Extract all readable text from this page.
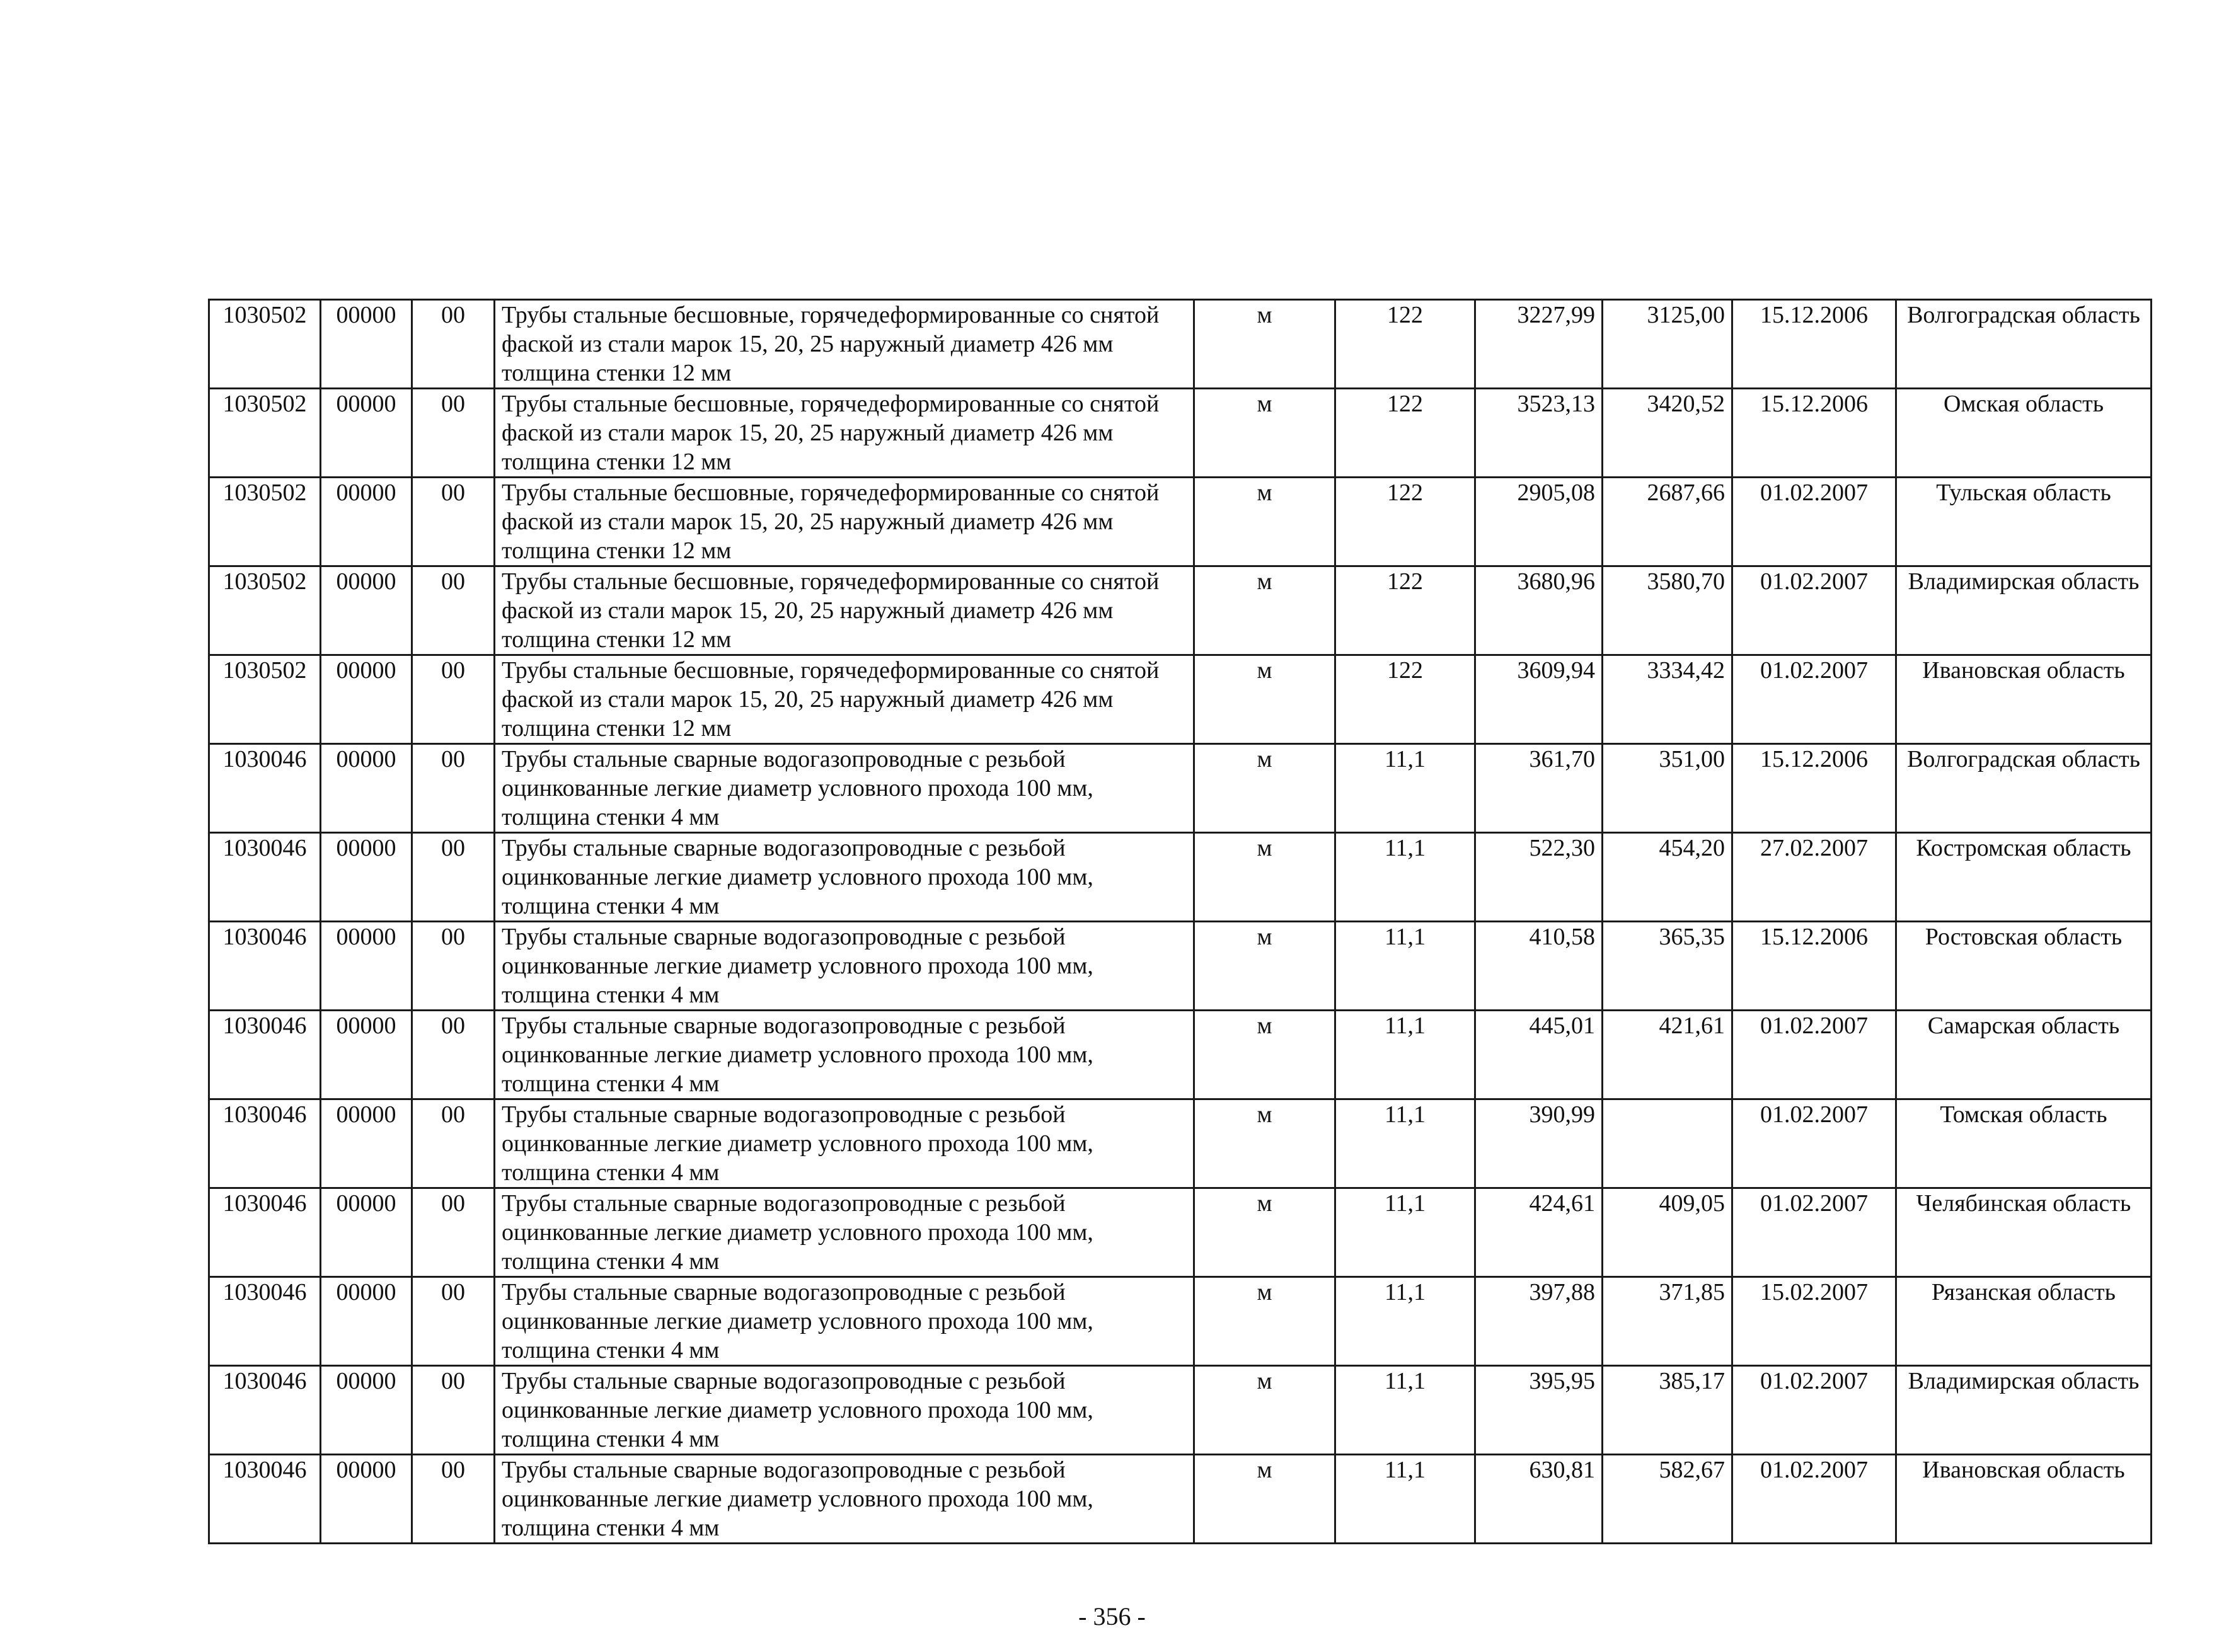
1030502	00000	00	Трубы стальные бесшовные, горячедеформированные со снятой фаской из стали марок 15, 20, 25 наружный диаметр 426 мм толщина стенки 12 мм	м	122	3227,99	3125,00	15.12.2006	Волгоградская область
1030502	00000	00	Трубы стальные бесшовные, горячедеформированные со снятой фаской из стали марок 15, 20, 25 наружный диаметр 426 мм толщина стенки 12 мм	м	122	3523,13	3420,52	15.12.2006	Омская область
1030502	00000	00	Трубы стальные бесшовные, горячедеформированные со снятой фаской из стали марок 15, 20, 25 наружный диаметр 426 мм толщина стенки 12 мм	м	122	2905,08	2687,66	01.02.2007	Тульская область
1030502	00000	00	Трубы стальные бесшовные, горячедеформированные со снятой фаской из стали марок 15, 20, 25 наружный диаметр 426 мм толщина стенки 12 мм	м	122	3680,96	3580,70	01.02.2007	Владимирская область
1030502	00000	00	Трубы стальные бесшовные, горячедеформированные со снятой фаской из стали марок 15, 20, 25 наружный диаметр 426 мм толщина стенки 12 мм	м	122	3609,94	3334,42	01.02.2007	Ивановская область
1030046	00000	00	Трубы стальные сварные водогазопроводные с резьбой оцинкованные легкие диаметр условного прохода 100 мм, толщина стенки 4 мм	м	11,1	361,70	351,00	15.12.2006	Волгоградская область
1030046	00000	00	Трубы стальные сварные водогазопроводные с резьбой оцинкованные легкие диаметр условного прохода 100 мм, толщина стенки 4 мм	м	11,1	522,30	454,20	27.02.2007	Костромская область
1030046	00000	00	Трубы стальные сварные водогазопроводные с резьбой оцинкованные легкие диаметр условного прохода 100 мм, толщина стенки 4 мм	м	11,1	410,58	365,35	15.12.2006	Ростовская область
1030046	00000	00	Трубы стальные сварные водогазопроводные с резьбой оцинкованные легкие диаметр условного прохода 100 мм, толщина стенки 4 мм	м	11,1	445,01	421,61	01.02.2007	Самарская область
1030046	00000	00	Трубы стальные сварные водогазопроводные с резьбой оцинкованные легкие диаметр условного прохода 100 мм, толщина стенки 4 мм	м	11,1	390,99		01.02.2007	Томская область
1030046	00000	00	Трубы стальные сварные водогазопроводные с резьбой оцинкованные легкие диаметр условного прохода 100 мм, толщина стенки 4 мм	м	11,1	424,61	409,05	01.02.2007	Челябинская область
1030046	00000	00	Трубы стальные сварные водогазопроводные с резьбой оцинкованные легкие диаметр условного прохода 100 мм, толщина стенки 4 мм	м	11,1	397,88	371,85	15.02.2007	Рязанская область
1030046	00000	00	Трубы стальные сварные водогазопроводные с резьбой оцинкованные легкие диаметр условного прохода 100 мм, толщина стенки 4 мм	м	11,1	395,95	385,17	01.02.2007	Владимирская область
1030046	00000	00	Трубы стальные сварные водогазопроводные с резьбой оцинкованные легкие диаметр условного прохода 100 мм, толщина стенки 4 мм	м	11,1	630,81	582,67	01.02.2007	Ивановская область
- 356 -
